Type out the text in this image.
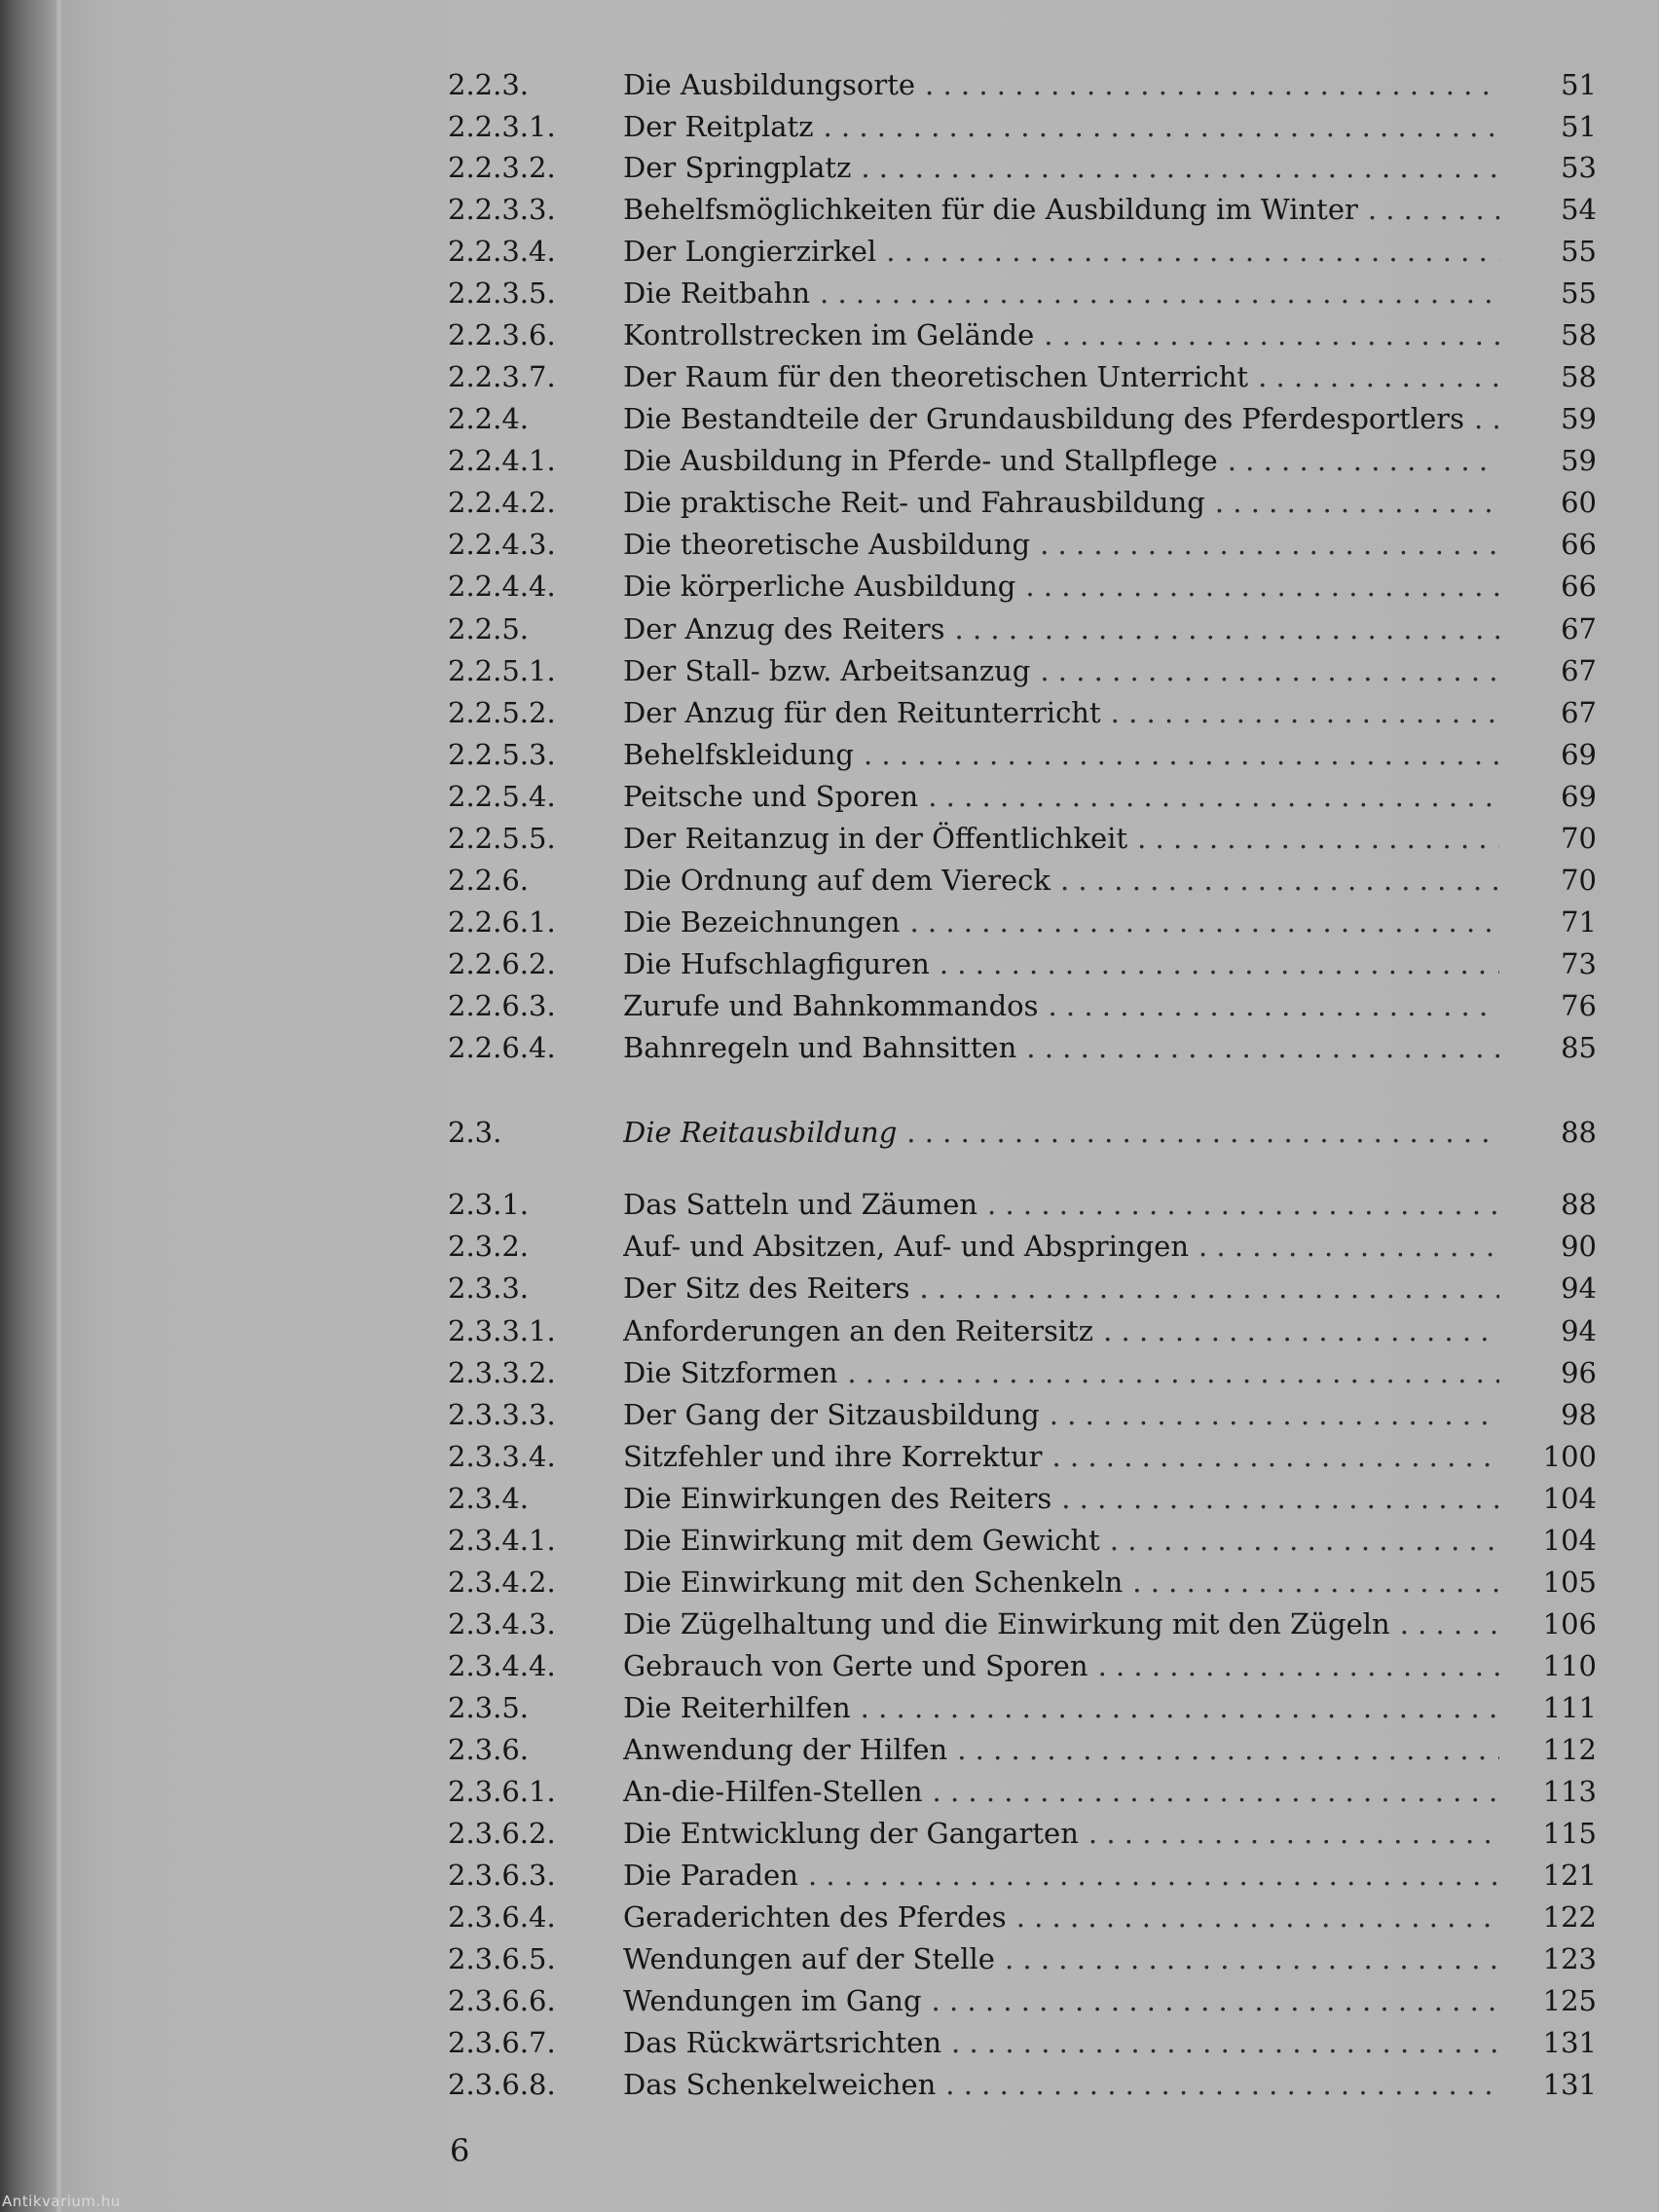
2.2.3.	Die Ausbildungsorte . . .	51
2.2.3.1. Der Reitplatz . . .	51
2.2.3.2. Der Springplatz . . .	53
2.2.3.3. Behelfsmöglichkeiten für die Ausbildung im Winter . . .	54
2.2.3.4. Der Longierzirkel . . .	55
2.2.3.5. Die Reitbahn . . .	55
2.2.3.6. Kontrollstrecken im Gelände . . .	58
2.2.3.7. Der Raum für den theoretischen Unterricht . . .	58
2.2.4.	Die Bestandteile der Grundausbildung des Pferdesportlers . . .	59
2.2.4.1. Die Ausbildung in Pferde- und Stallpflege . . .	59
2.2.4.2. Die praktische Reit- und Fahrausbildung . . .	60
2.2.4.3. Die theoretische Ausbildung . . .	66
2.2.4.4. Die körperliche Ausbildung . . .	66
2.2.5.	Der Anzug des Reiters . . .	67
2.2.5.1. Der Stall- bzw. Arbeitsanzug . . .	67
2.2.5.2. Der Anzug für den Reitunterricht . . .	67
2.2.5.3. Behelfskleidung . . .	69
2.2.5.4. Peitsche und Sporen . . .	69
2.2.5.5. Der Reitanzug in der Öffentlichkeit . . .	70
2.2.6.	Die Ordnung auf dem Viereck . . .	70
2.2.6.1. Die Bezeichnungen . . .	71
2.2.6.2. Die Hufschlagfiguren . . .	73
2.2.6.3. Zurufe und Bahnkommandos . . .	76
2.2.6.4. Bahnregeln und Bahnsitten . . .	85
2.3.	Die Reitausbildung . . .	88
2.3.1.	Das Satteln und Zäumen . . .	88
2.3.2.	Auf- und Absitzen, Auf- und Abspringen . . .	90
2.3.3.	Der Sitz des Reiters . . .	94
2.3.3.1. Anforderungen an den Reitersitz . . .	94
2.3.3.2. Die Sitzformen . . .	96
2.3.3.3. Der Gang der Sitzausbildung . . .	98
2.3.3.4. Sitzfehler und ihre Korrektur . . .	100
2.3.4.	Die Einwirkungen des Reiters . . .	104
2.3.4.1. Die Einwirkung mit dem Gewicht . . .	104
2.3.4.2. Die Einwirkung mit den Schenkeln . . .	105
2.3.4.3. Die Zügelhaltung und die Einwirkung mit den Zügeln . . .	106
2.3.4.4. Gebrauch von Gerte und Sporen . . .	110
2.3.5.	Die Reiterhilfen . . .	111
2.3.6.	Anwendung der Hilfen . . .	112
2.3.6.1. An-die-Hilfen-Stellen . . .	113
2.3.6.2. Die Entwicklung der Gangarten . . .	115
2.3.6.3. Die Paraden . . .	121
2.3.6.4. Geraderichten des Pferdes . . .	122
2.3.6.5. Wendungen auf der Stelle . . .	123
2.3.6.6. Wendungen im Gang . . .	125
2.3.6.7. Das Rückwärtsrichten . . .	131
2.3.6.8. Das Schenkelweichen . . .	131
6
Antikvarium.hu
